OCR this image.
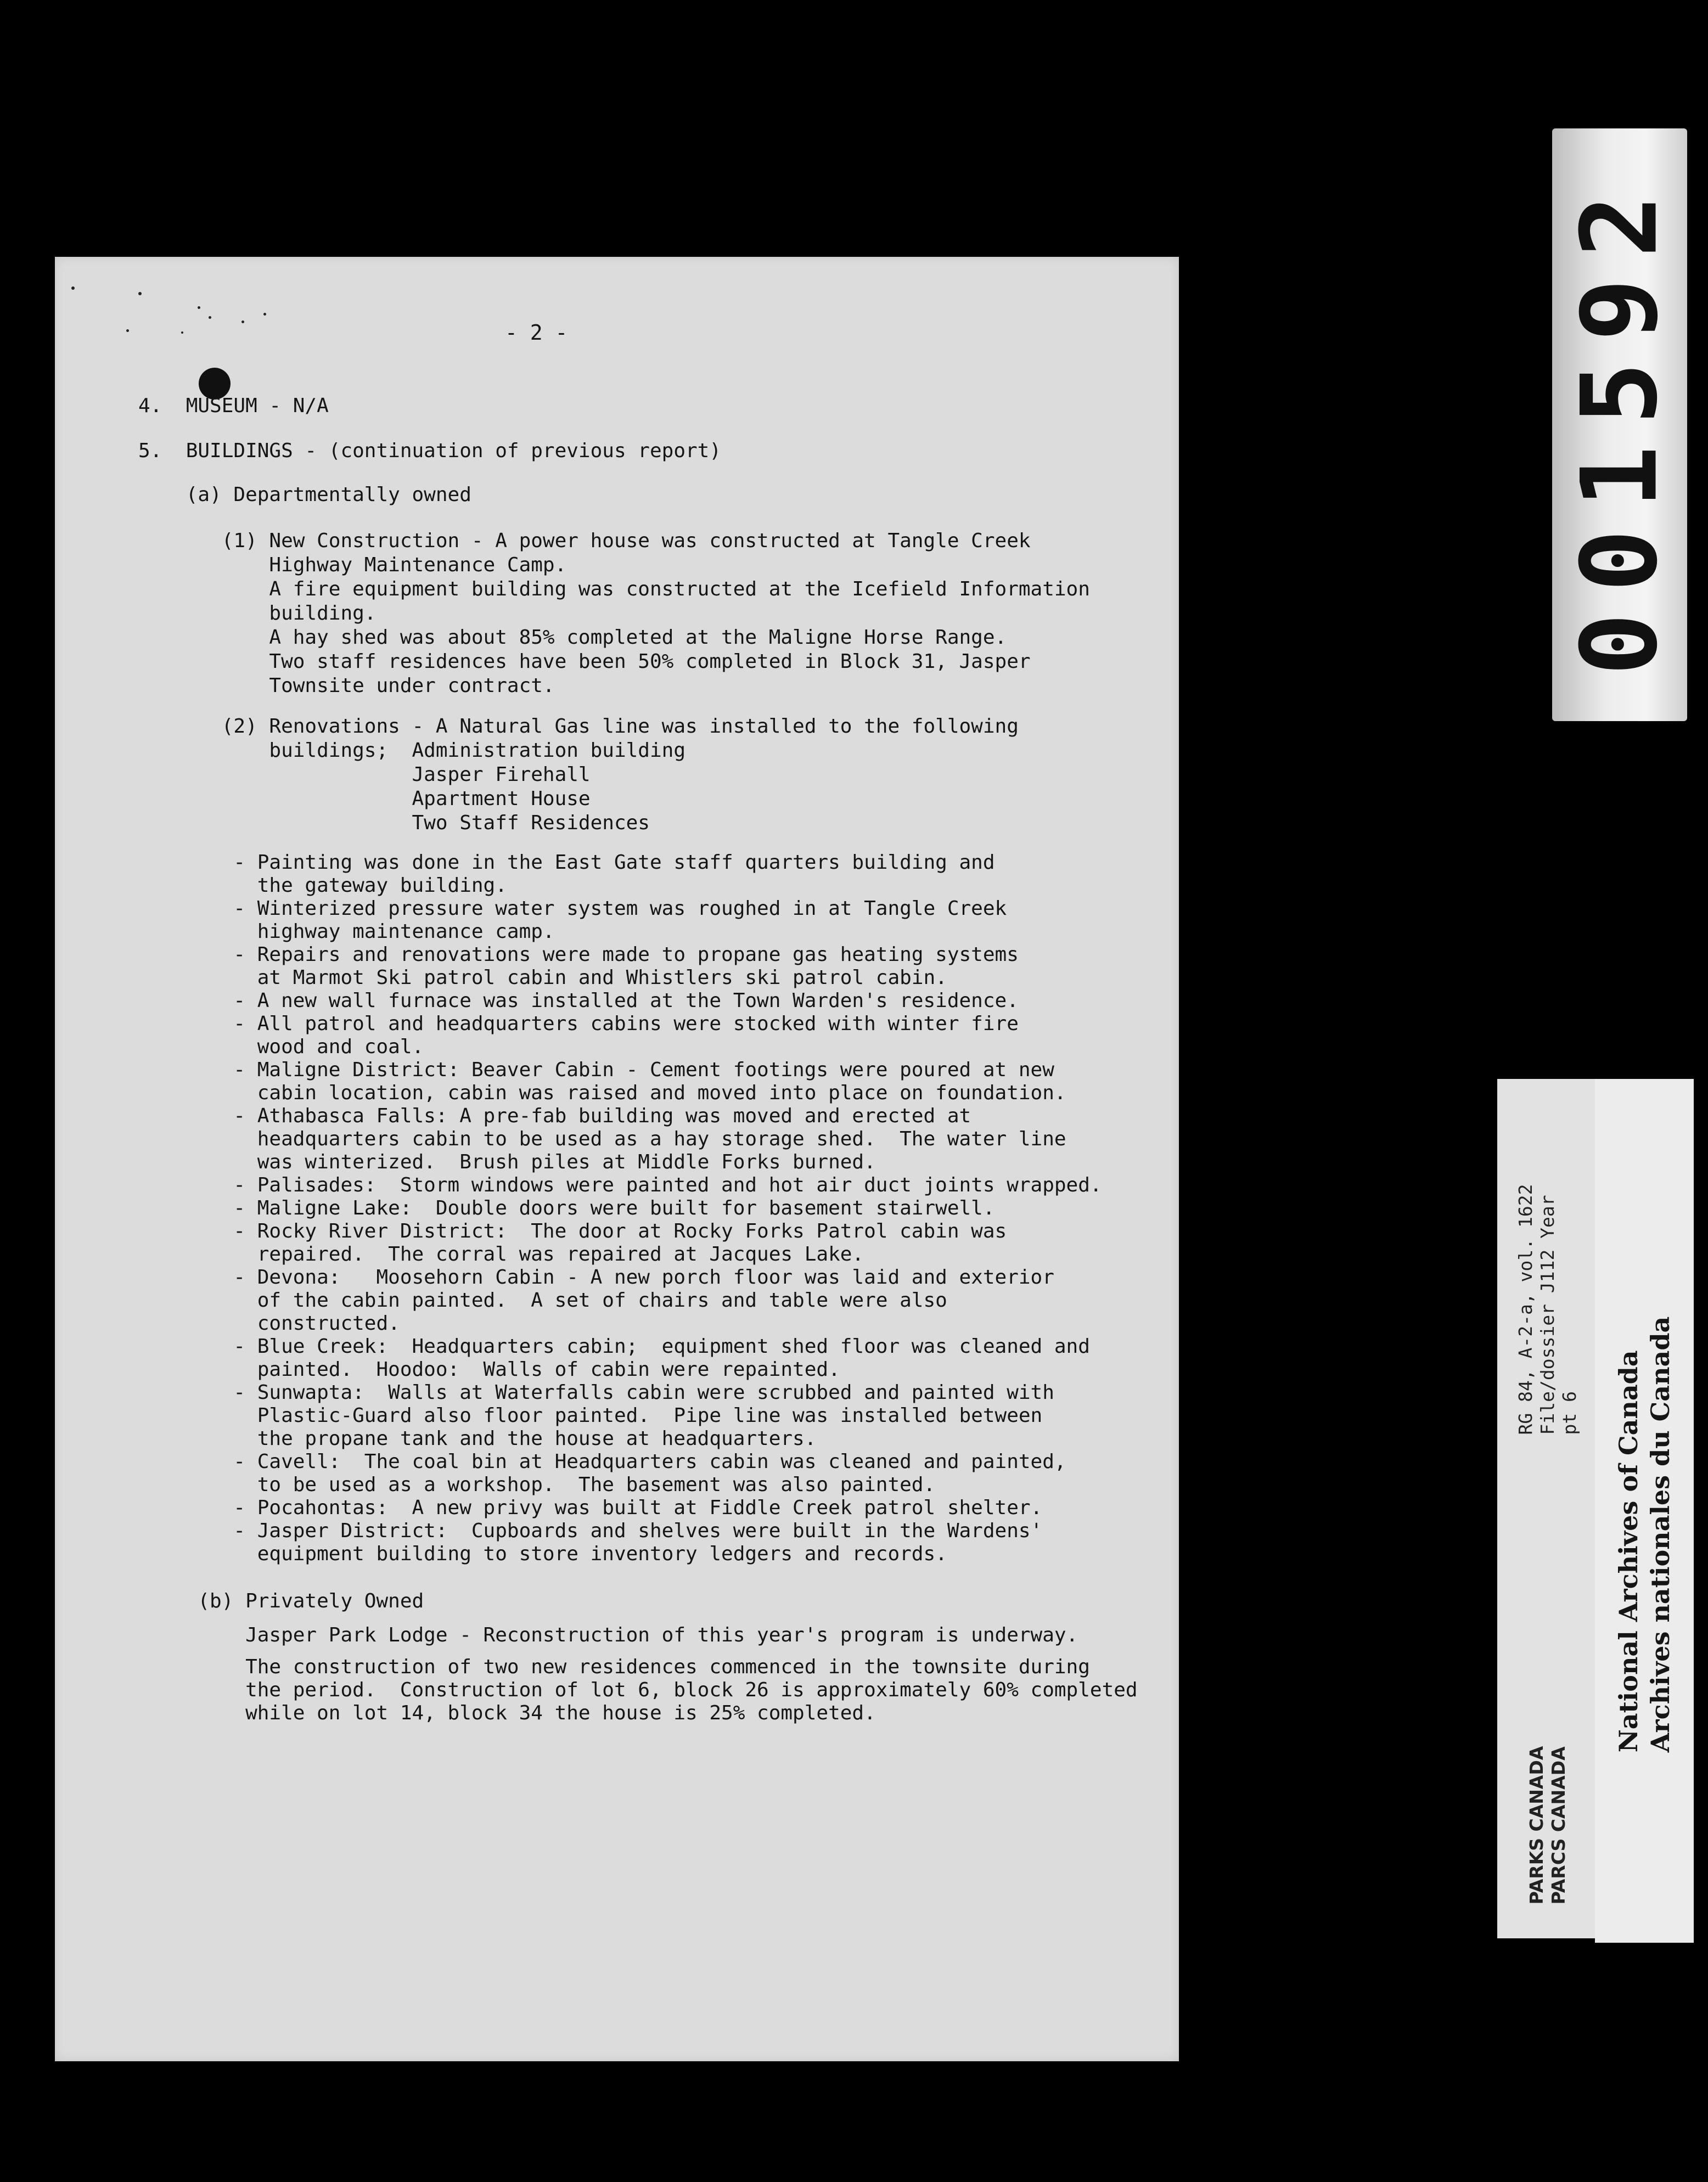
- 2 -
4.  MUSEUM - N/A
5.  BUILDINGS - (continuation of previous report)
(a) Departmentally owned
(1) New Construction - A power house was constructed at Tangle Creek
Highway Maintenance Camp.
A fire equipment building was constructed at the Icefield Information
building.
A hay shed was about 85% completed at the Maligne Horse Range.
Two staff residences have been 50% completed in Block 31, Jasper
Townsite under contract.
(2) Renovations - A Natural Gas line was installed to the following
buildings;  Administration building
Jasper Firehall
Apartment House
Two Staff Residences
- Painting was done in the East Gate staff quarters building and
the gateway building.
- Winterized pressure water system was roughed in at Tangle Creek
highway maintenance camp.
- Repairs and renovations were made to propane gas heating systems
at Marmot Ski patrol cabin and Whistlers ski patrol cabin.
- A new wall furnace was installed at the Town Warden's residence.
- All patrol and headquarters cabins were stocked with winter fire
wood and coal.
- Maligne District: Beaver Cabin - Cement footings were poured at new
cabin location, cabin was raised and moved into place on foundation.
- Athabasca Falls: A pre-fab building was moved and erected at
headquarters cabin to be used as a hay storage shed.  The water line
was winterized.  Brush piles at Middle Forks burned.
- Palisades:  Storm windows were painted and hot air duct joints wrapped.
- Maligne Lake:  Double doors were built for basement stairwell.
- Rocky River District:  The door at Rocky Forks Patrol cabin was
repaired.  The corral was repaired at Jacques Lake.
- Devona:   Moosehorn Cabin - A new porch floor was laid and exterior
of the cabin painted.  A set of chairs and table were also
constructed.
- Blue Creek:  Headquarters cabin;  equipment shed floor was cleaned and
painted.  Hoodoo:  Walls of cabin were repainted.
- Sunwapta:  Walls at Waterfalls cabin were scrubbed and painted with
Plastic-Guard also floor painted.  Pipe line was installed between
the propane tank and the house at headquarters.
- Cavell:  The coal bin at Headquarters cabin was cleaned and painted,
to be used as a workshop.  The basement was also painted.
- Pocahontas:  A new privy was built at Fiddle Creek patrol shelter.
- Jasper District:  Cupboards and shelves were built in the Wardens'
equipment building to store inventory ledgers and records.
(b) Privately Owned
Jasper Park Lodge - Reconstruction of this year's program is underway.
The construction of two new residences commenced in the townsite during
the period.  Construction of lot 6, block 26 is approximately 60% completed
while on lot 14, block 34 the house is 25% completed.
001592
RG 84, A-2-a, vol. 1622
File/dossier J112 Year
pt 6
PARKS CANADA
PARCS CANADA
National Archives of Canada
Archives nationales du Canada
